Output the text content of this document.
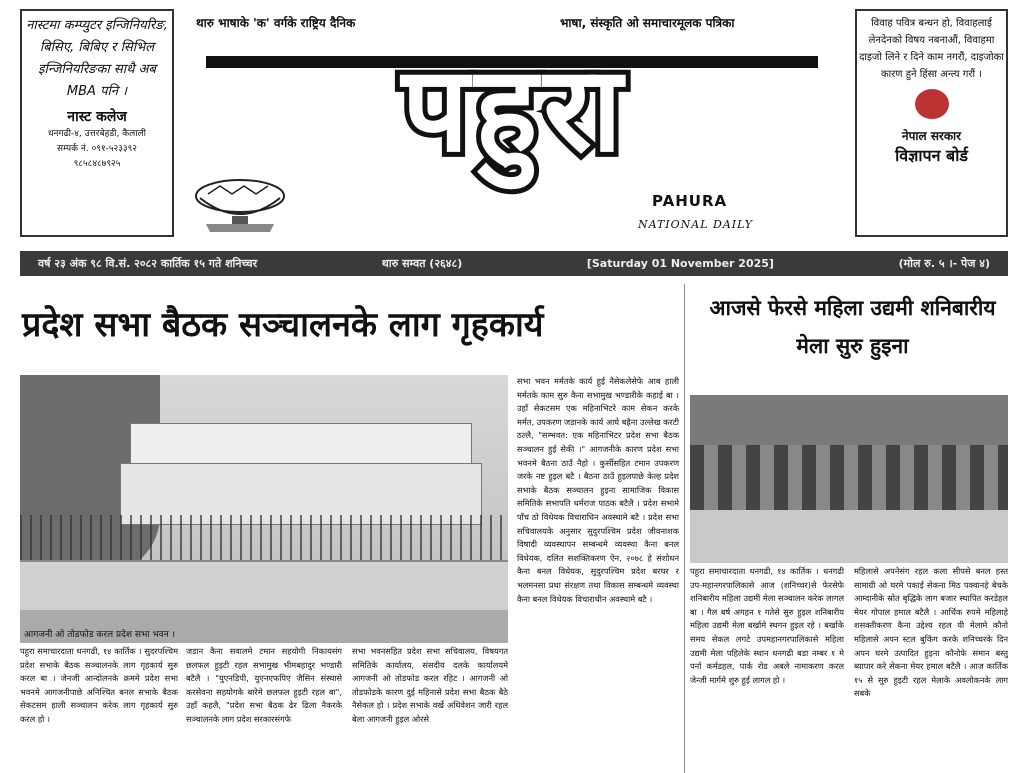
नास्टमा कम्प्युटर इन्जिनियरिङ, बिसिए, बिबिए र सिभिल इन्जिनियरिङका साथै अब MBA पनि ।
नास्ट कलेज
धनगढी-४, उत्तरबेहडी, कैलाली
सम्पर्क नं. ०९१-५२३३९२
९८५८४८७९२५
थारु भाषाके 'क' वर्गके राष्ट्रिय दैनिक	भाषा, संस्कृति ओ समाचारमूलक पत्रिका
पहुरा
PAHURA
NATIONAL DAILY
विवाह पवित्र बन्धन हो, विवाहलाई लेनदेनको विषय नबनाऔं, विवाहमा दाइजो लिने र दिने काम नगरौं, दाइजोका कारण हुने हिंसा अन्त्य गरौं ।
नेपाल सरकार
विज्ञापन बोर्ड
वर्ष २३ अंक ९८ वि.सं. २०८२ कार्तिक १५ गते शनिच्चर	थारु सम्वत (२६४८)	[Saturday 01 November 2025]	(मोल रु. ५ ।- पेज ४)
प्रदेश सभा बैठक सञ्चालनके लाग गृहकार्य	आजसे फेरसे महिला उद्यमी शनिबारीय मेला सुरु हुइना
आगजनी ओ तोडफोड करल प्रदेश सभा भवन ।

पहुरा समाचारदाता धनगढी, १४ कार्तिक । सुदरपश्चिम प्रदेश सभाके बैठक सञ्चालनके लाग गृहकार्य सुरु करल बा । जेनजी आन्दोलनके क्रममे प्रदेश सभा भवनमे आगजनीपाछे अनिश्चित बनल सभाके बैठक सेकटसम हाली सञ्चालन करेक लाग गृहकार्य सुरु करल हो ।

जडान कैना सवालमे टमान सहयोगी निकायसंग छलफल हुइटी रहल सभामुख भीमबहादुर भण्डारी बटैलै । "युएनडिपी, युएनएफपिए जैसिन संस्थासे करसेवना सहयोगके बारेमे छलफल हुइटी रहल बा", उहाँ कहलै, "प्रदेश सभा बैठक ढेर ढिला नैकरके सञ्चालनके लाग प्रदेश सरकारसंगफे

सभा भवनसहित प्रदेश सभा सचिवालय, विषयगत समितिके कार्यालय, संसदीय दलके कार्यालयमे आगजनी ओ तोडफोड करल रहिट । आगजनी ओ तोडफोडके कारण दुई महिनासे प्रदेश सभा बैठक बैठे नैसेकल हो । प्रदेश सभाके वर्खे अधिवेशन जारी रहल बेला आगजनी हुइल ओरसे

सभा भवन मर्मतके कार्य हुई नैसेकलेसेफे आब हाली मर्मतके काम सुरु कैना सभामुख भण्डारीके कहाई बा । उहाँ सेकटसम एक महिनाभिटरे काम सेकन करके मर्मत, उपकरण जडानके कार्य आघे बह्रैना उल्लेख करटी ठल्लै, "सम्भवत: एक महिनाभिटर प्रदेश सभा बैठक सञ्चालन हुई सेकी ।" आगजनीके कारण प्रदेश सभा भवनमे बैठना ठाउँ नैहो । कुर्सीसहित टमान उपकरण जरके नष्ट हुइल बटै । बैठना ठाउँ हुइलपाछे केल्ह प्रदेश सभाके बैठक सञ्चालन हुइना सामाजिक विकास समितिके सभापति धर्मराज पाठक बटैलै । प्रदेश सभामे पाँच ठो विधेयक विचाराधिन अवस्थामे बटै । प्रदेश सभा सचिवालयके अनुसार सुदुरपश्चिम प्रदेश जीवनाशक विषादी व्यवस्थापन सम्बन्धमे व्यवस्था कैना बनल विधेयक, दलित सशक्तिकरण ऐन, २०७८ हे संशोधन कैना बनल विधेयक, सुदुरपश्चिम प्रदेश बरघर र भलमनसा प्रथा संरक्षण तथा विकास सम्बन्धमे व्यवस्था कैना बनल विधेयक विचाराधीन अवस्थामे बटै ।

पहुरा समाचारदाता धनगढी, १४ कार्तिक । धनगढी उप-महानगरपालिकासे आज (शनिच्चर)से फेरसेफे शनिबारीय महिला उद्यमी मेला सञ्चालन करेक लागल बा । गैल बर्ष अगहन १ गतेसे सुरु हुइल शनिबारीय महिला उद्यमी मेला बर्खामे स्थगन हुइल रहे । बर्खाके समय सेकल लगटे उपमहानगरपालिकासे महिला उद्यमी मेला पहिलेके स्थान धनगढी बडा नम्बर १ मे पर्ना कर्मडहल, पार्क रोड अबले नामाकरण करल जेन्जी मार्गमे शुरु हुई लागल हो ।

महिलासे अपनेसंग रहल कला सीपसे बनल हस्त सामाग्री ओ घरमे पकाई सेकना मिठ पक्वानहे बेचके आम्दानीके स्रोत बृद्धिके लाग बजार स्थापित करडेहल मेयर गोपाल हमाल बटैलै । आर्थिक रुपमे महिलाहे शसक्तीकरण कैना उद्देश्य रहल यी मेलामे कौनो महिलासे अपन स्टल बुकिंग करके शनिच्चरके दिन अपन घरमे उत्पादित हुइना कौनोफे समान बस्तु ब्यापार करे सेकना मेयर हमाल बटैलै । आज कार्तिक १५ से सुरु हुइटी रहल मेलाके अवलोकनके लाग सबके
